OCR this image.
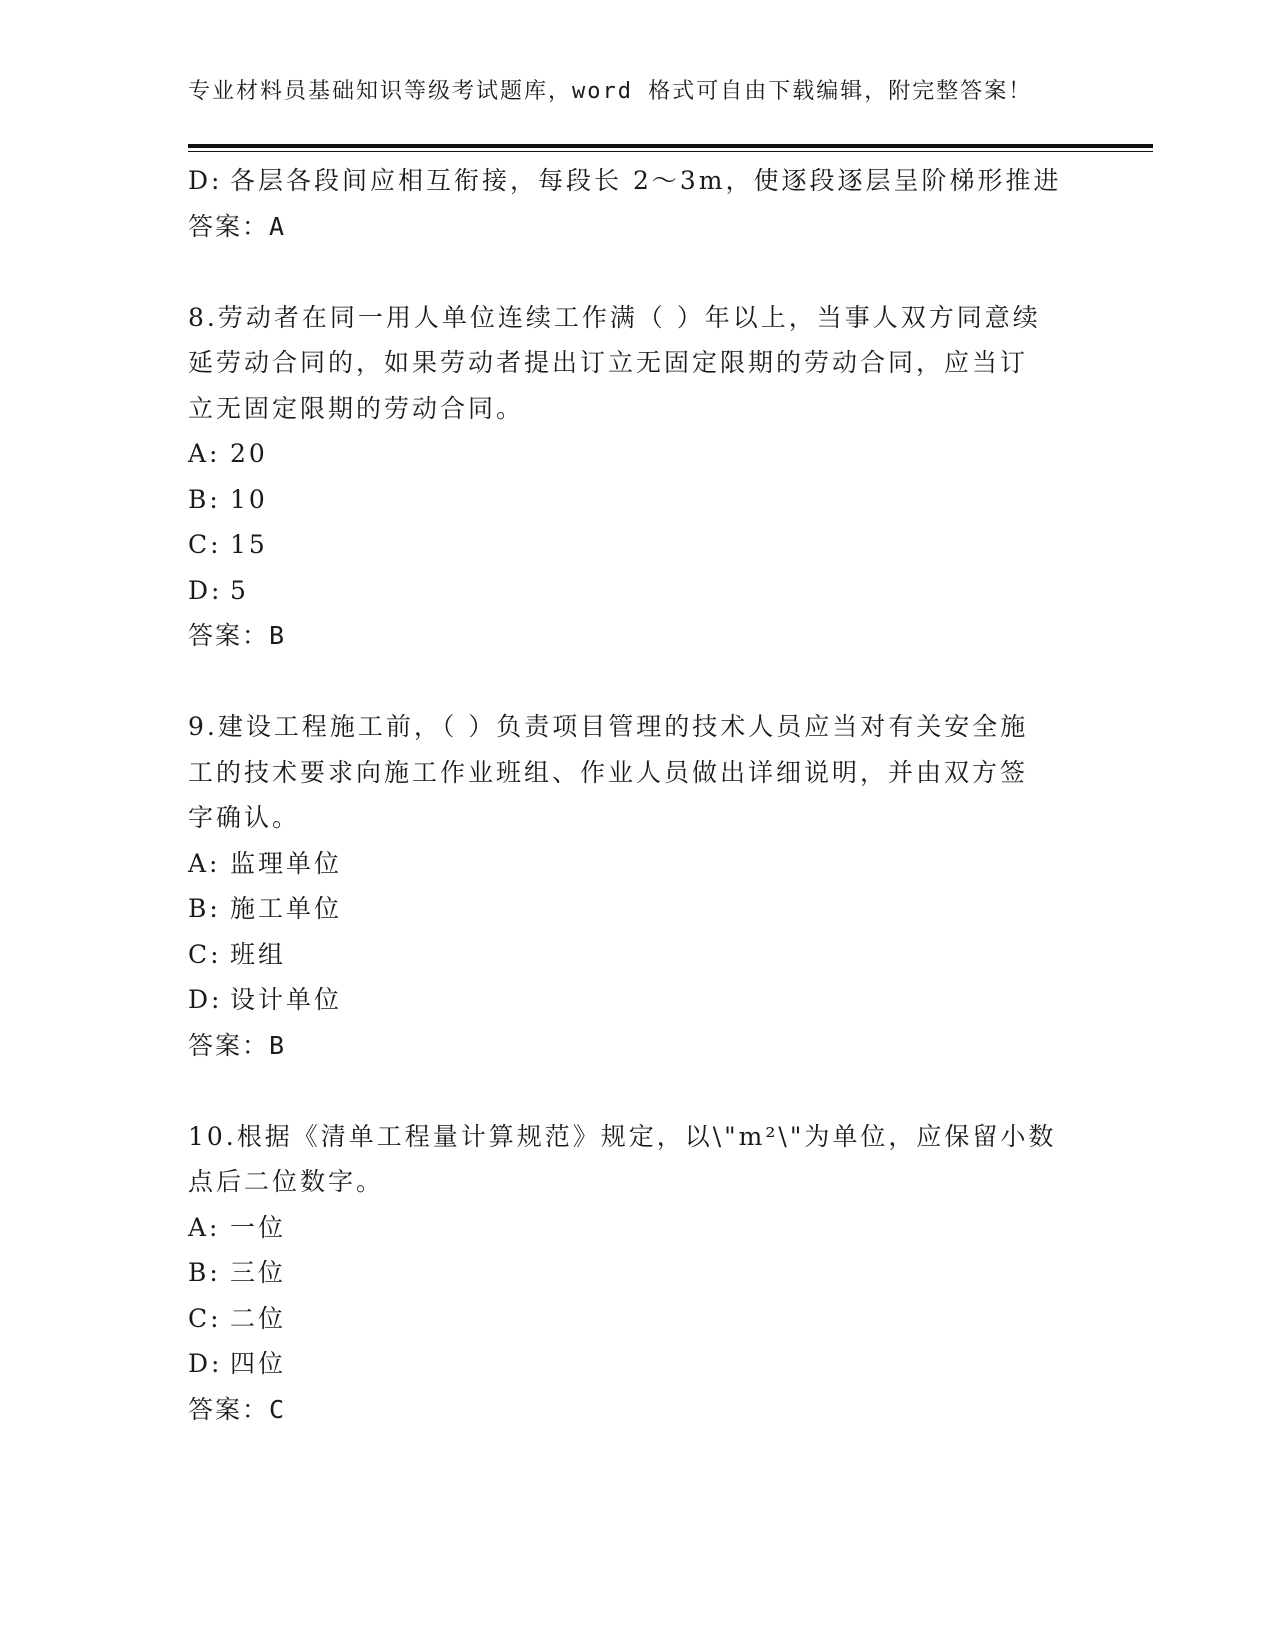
专业材料员基础知识等级考试题库，word 格式可自由下载编辑，附完整答案！
D: 各层各段间应相互衔接，每段长 2～3m，使逐段逐层呈阶梯形推进
答案：A
8.劳动者在同一用人单位连续工作满（ ）年以上，当事人双方同意续
延劳动合同的，如果劳动者提出订立无固定限期的劳动合同，应当订
立无固定限期的劳动合同。
A: 20
B: 10
C: 15
D: 5
答案：B
9.建设工程施工前，（ ）负责项目管理的技术人员应当对有关安全施
工的技术要求向施工作业班组、作业人员做出详细说明，并由双方签
字确认。
A: 监理单位
B: 施工单位
C: 班组
D: 设计单位
答案：B
10.根据《清单工程量计算规范》规定，以\"m²\"为单位，应保留小数
点后二位数字。
A: 一位
B: 三位
C: 二位
D: 四位
答案：C
